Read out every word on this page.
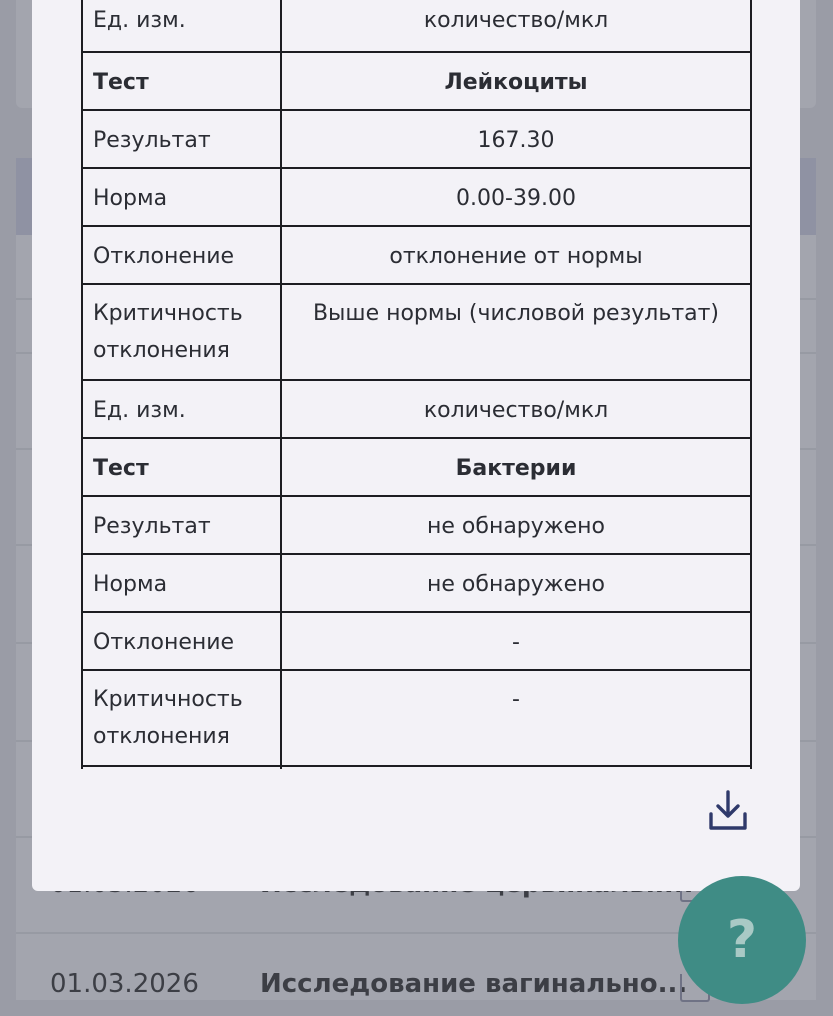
01.03.2026 Исследование вагинально...
Ед. изм.	количество/мкл
Тест	Лейкоциты
Результат	167.30
Норма	0.00-39.00
Отклонение	отклонение от нормы
Критичность отклонения	Выше нормы (числовой результат)
Ед. изм.	количество/мкл
Тест	Бактерии
Результат	не обнаружено
Норма	не обнаружено
Отклонение	-
Критичность отклонения	-

?
